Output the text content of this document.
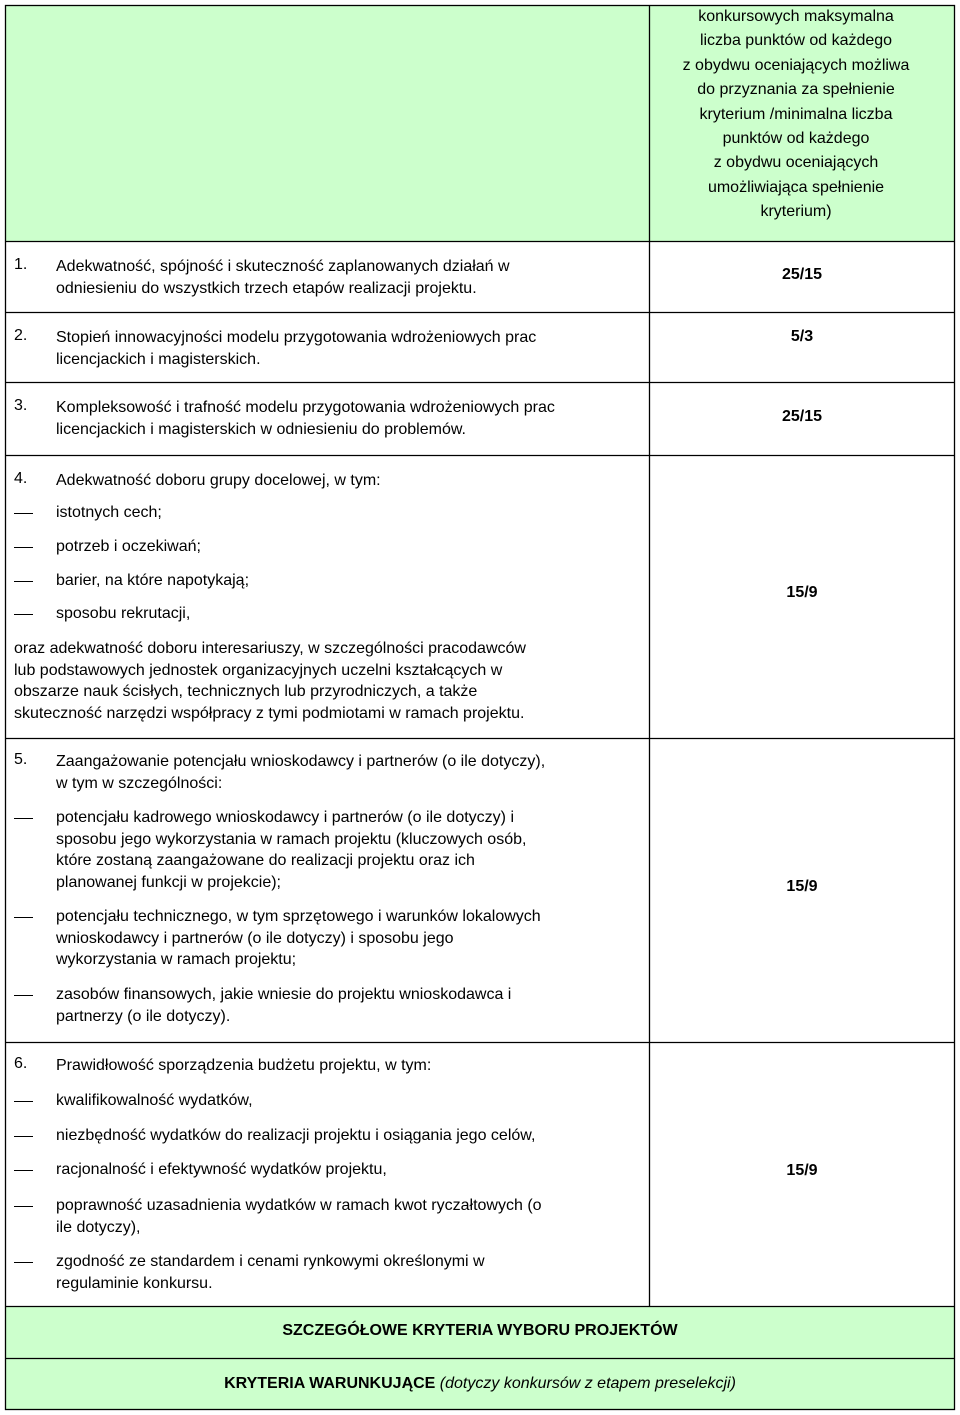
konkursowych maksymalna
liczba punktów od każdego
z obydwu oceniających możliwa
do przyznania za spełnienie
kryterium /minimalna liczba
punktów od każdego
z obydwu oceniających
umożliwiająca spełnienie
kryterium)
1. Adekwatność, spójność i skuteczność zaplanowanych działań w
odniesieniu do wszystkich trzech etapów realizacji projektu.
25/15
2. Stopień innowacyjności modelu przygotowania wdrożeniowych prac
licencjackich i magisterskich.
5/3
3. Kompleksowość i trafność modelu przygotowania wdrożeniowych prac
licencjackich i magisterskich w odniesieniu do problemów.
25/15
4. Adekwatność doboru grupy docelowej, w tym:
istotnych cech;
potrzeb i oczekiwań;
barier, na które napotykają;
sposobu rekrutacji,
oraz adekwatność doboru interesariuszy, w szczególności pracodawców
lub podstawowych jednostek organizacyjnych uczelni kształcących w
obszarze nauk ścisłych, technicznych lub przyrodniczych, a także
skuteczność narzędzi współpracy z tymi podmiotami w ramach projektu.
15/9
5. Zaangażowanie potencjału wnioskodawcy i partnerów (o ile dotyczy),
w tym w szczególności:
potencjału kadrowego wnioskodawcy i partnerów (o ile dotyczy) i
sposobu jego wykorzystania w ramach projektu (kluczowych osób,
które zostaną zaangażowane do realizacji projektu oraz ich
planowanej funkcji w projekcie);
potencjału technicznego, w tym sprzętowego i warunków lokalowych
wnioskodawcy i partnerów (o ile dotyczy) i sposobu jego
wykorzystania w ramach projektu;
zasobów finansowych, jakie wniesie do projektu wnioskodawca i
partnerzy (o ile dotyczy).
15/9
6. Prawidłowość sporządzenia budżetu projektu, w tym:
kwalifikowalność wydatków,
niezbędność wydatków do realizacji projektu i osiągania jego celów,
racjonalność i efektywność wydatków projektu,
poprawność uzasadnienia wydatków w ramach kwot ryczałtowych (o
ile dotyczy),
zgodność ze standardem i cenami rynkowymi określonymi w
regulaminie konkursu.
15/9
SZCZEGÓŁOWE KRYTERIA WYBORU PROJEKTÓW
KRYTERIA WARUNKUJĄCE (dotyczy konkursów z etapem preselekcji)
